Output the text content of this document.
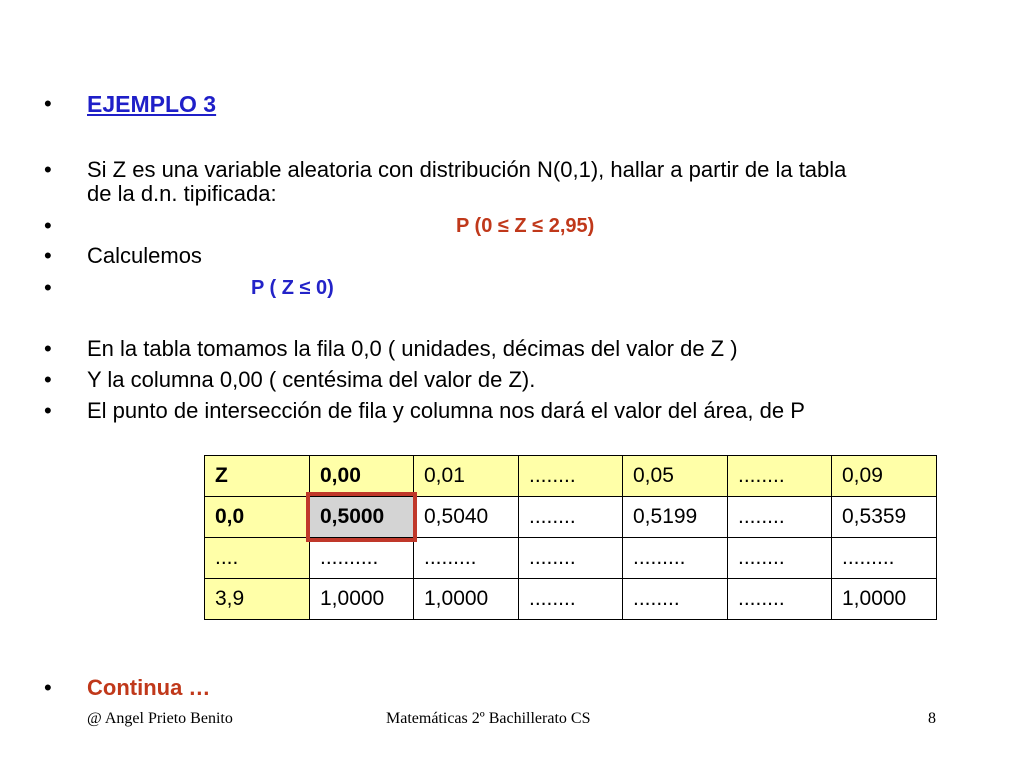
•	EJEMPLO 3
•	Si Z es una variable aleatoria con distribución N(0,1), hallar a partir de la tabla
de la d.n. tipificada:
•	P (0 ≤ Z ≤ 2,95)
•	Calculemos
•	P ( Z ≤ 0)
•	En la tabla tomamos la fila 0,0 ( unidades, décimas del valor de Z )
•	Y la columna 0,00 ( centésima del valor de Z).
•	El punto de intersección de fila y columna nos dará el valor del área, de P
Z	0,00	0,01	........	0,05	........	0,09
0,0	0,5000	0,5040	........	0,5199	........	0,5359
....	..........	.........	........	.........	........	.........
3,9	1,0000	1,0000	........	........	........	1,0000
•	Continua …
@ Angel Prieto Benito	Matemáticas 2º Bachillerato CS	8
